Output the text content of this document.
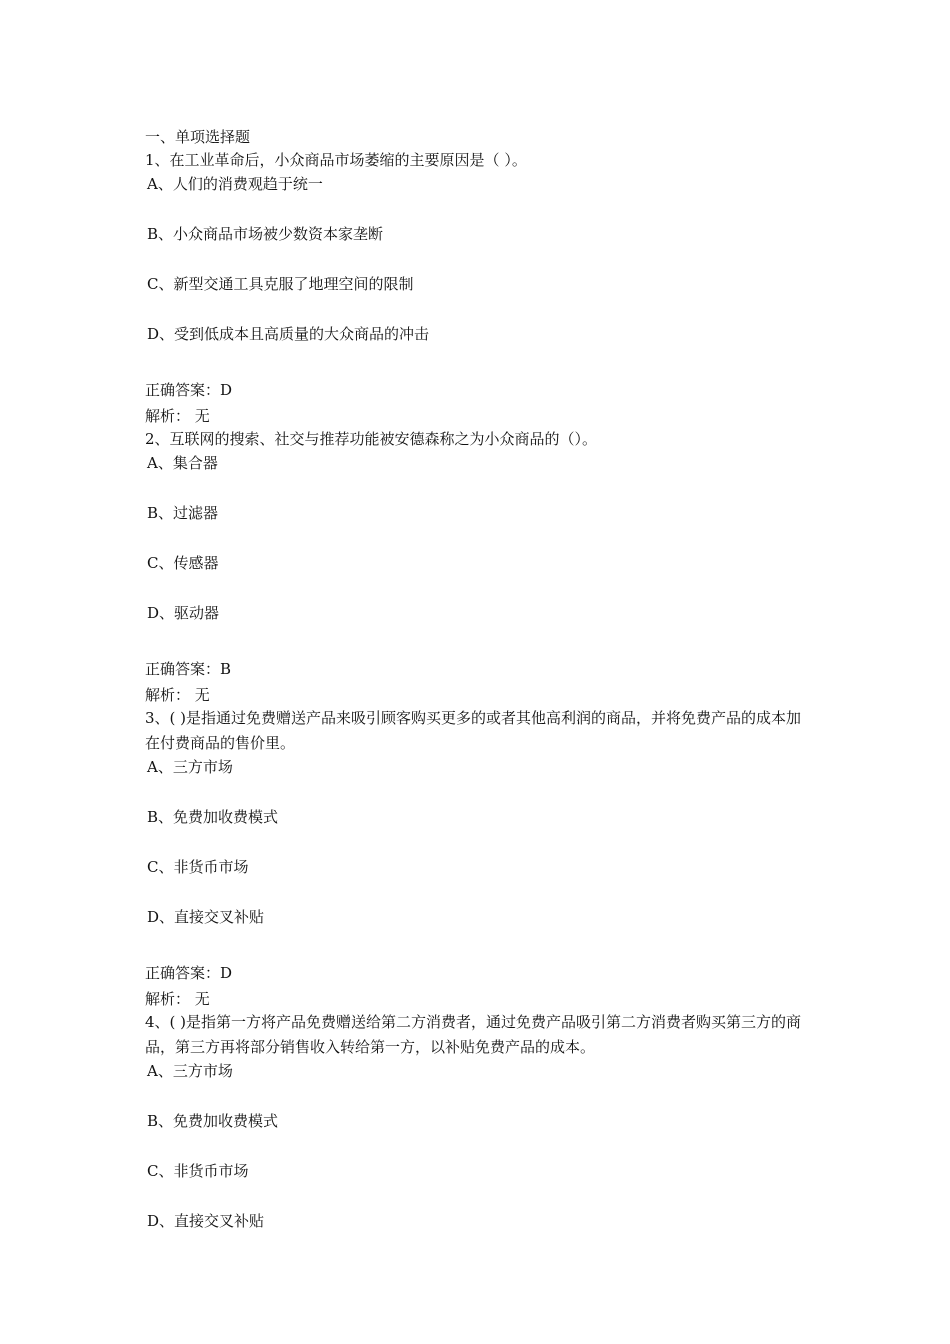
一、单项选择题
1、在工业革命后，小众商品市场萎缩的主要原因是（ ）。
A、人们的消费观趋于统一
B、小众商品市场被少数资本家垄断
C、新型交通工具克服了地理空间的限制
D、受到低成本且高质量的大众商品的冲击
正确答案：D
解析： 无
2、互联网的搜索、社交与推荐功能被安德森称之为小众商品的（）。
A、集合器
B、过滤器
C、传感器
D、驱动器
正确答案：B
解析： 无
3、( )是指通过免费赠送产品来吸引顾客购买更多的或者其他高利润的商品，并将免费产品的成本加在付费商品的售价里。
A、三方市场
B、免费加收费模式
C、非货币市场
D、直接交叉补贴
正确答案：D
解析： 无
4、( )是指第一方将产品免费赠送给第二方消费者，通过免费产品吸引第二方消费者购买第三方的商品，第三方再将部分销售收入转给第一方，以补贴免费产品的成本。
A、三方市场
B、免费加收费模式
C、非货币市场
D、直接交叉补贴
